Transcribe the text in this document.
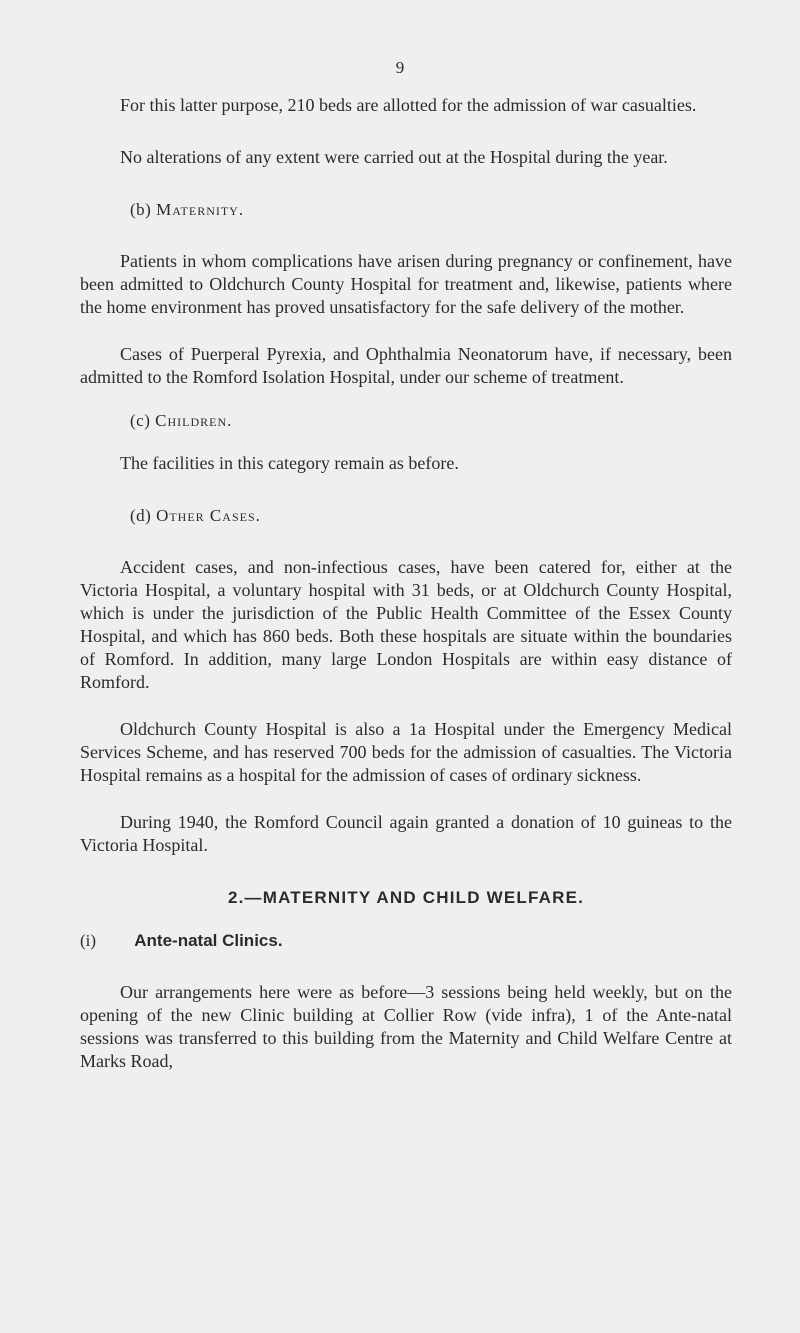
9

For this latter purpose, 210 beds are allotted for the admission of war casualties.

No alterations of any extent were carried out at the Hospital during the year.

(b) Maternity.

Patients in whom complications have arisen during pregnancy or confinement, have been admitted to Oldchurch County Hospital for treatment and, likewise, patients where the home environment has proved unsatisfactory for the safe delivery of the mother.

Cases of Puerperal Pyrexia, and Ophthalmia Neonatorum have, if necessary, been admitted to the Romford Isolation Hospital, under our scheme of treatment.

(c) Children.

The facilities in this category remain as before.

(d) Other Cases.

Accident cases, and non-infectious cases, have been catered for, either at the Victoria Hospital, a voluntary hospital with 31 beds, or at Oldchurch County Hospital, which is under the jurisdiction of the Public Health Committee of the Essex County Hospital, and which has 860 beds. Both these hospitals are situate within the boundaries of Romford. In addition, many large London Hospitals are within easy distance of Romford.

Oldchurch County Hospital is also a 1a Hospital under the Emergency Medical Services Scheme, and has reserved 700 beds for the admission of casualties. The Victoria Hospital remains as a hospital for the admission of cases of ordinary sickness.

During 1940, the Romford Council again granted a donation of 10 guineas to the Victoria Hospital.

2.—MATERNITY AND CHILD WELFARE.
(i) Ante-natal Clinics.

Our arrangements here were as before—3 sessions being held weekly, but on the opening of the new Clinic building at Collier Row (vide infra), 1 of the Ante-natal sessions was transferred to this building from the Maternity and Child Welfare Centre at Marks Road,
